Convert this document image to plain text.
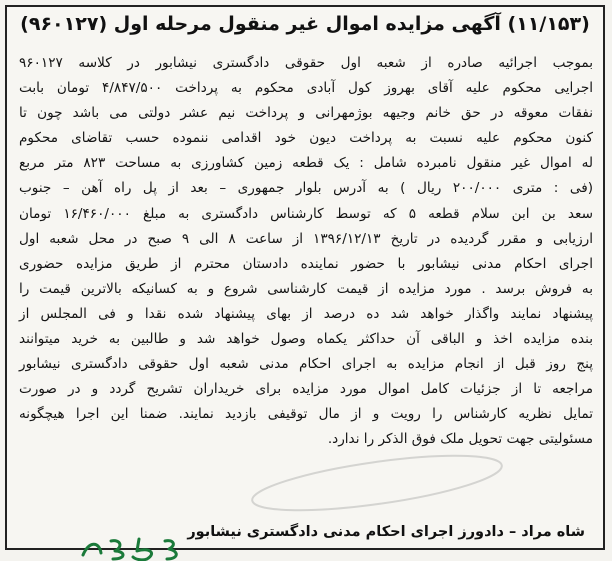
(۱۱/۱۵۳) آگهی مزایده اموال غیر منقول مرحله اول (۹۶۰۱۲۷)
بموجب اجرائیه صادره از شعبه اول حقوقی دادگستری نیشابور در کلاسه ۹۶۰۱۲۷
اجرایی محکوم علیه آقای بهروز کول آبادی محکوم به پرداخت ۴/۸۴۷/۵۰۰ تومان بابت
نفقات معوقه در حق خانم وجیهه بوژمهرانی و پرداخت نیم عشر دولتی می باشد چون تا
کنون محکوم علیه نسبت به پرداخت دیون خود اقدامی ننموده حسب تقاضای محکوم
له اموال غیر منقول نامبرده شامل : یک قطعه زمین کشاورزی به مساحت ۸۲۳ متر مربع
(فی : متری ۲۰۰/۰۰۰ ریال ) به آدرس بلوار جمهوری – بعد از پل راه آهن – جنوب
سعد بن ابن سلام قطعه ۵ که توسط کارشناس دادگستری به مبلغ ۱۶/۴۶۰/۰۰۰ تومان
ارزیابی و مقرر گردیده در تاریخ ۱۳۹۶/۱۲/۱۳ از ساعت ۸ الی ۹ صبح در محل شعبه اول
اجرای احکام مدنی نیشابور با حضور نماینده دادستان محترم از طریق مزایده حضوری
به فروش برسد . مورد مزایده از قیمت کارشناسی شروع و به کسانیکه بالاترین قیمت را
پیشنهاد نمایند واگذار خواهد شد ده درصد از بهای پیشنهاد شده نقدا و فی المجلس از
بنده مزایده اخذ و الباقی آن حداکثر یکماه وصول خواهد شد و طالبین به خرید میتوانند
پنج روز قبل از انجام مزایده به اجرای احکام مدنی شعبه اول حقوقی دادگستری نیشابور
مراجعه تا از جزئیات کامل اموال مورد مزایده برای خریداران تشریح گردد و در صورت
تمایل نظریه کارشناس را رویت و از مال توقیفی بازدید نمایند. ضمنا این اجرا هیچگونه
مسئولیتی جهت تحویل ملک فوق الذکر را ندارد.
شاه مراد – دادورز اجرای احکام مدنی دادگستری نیشابور
